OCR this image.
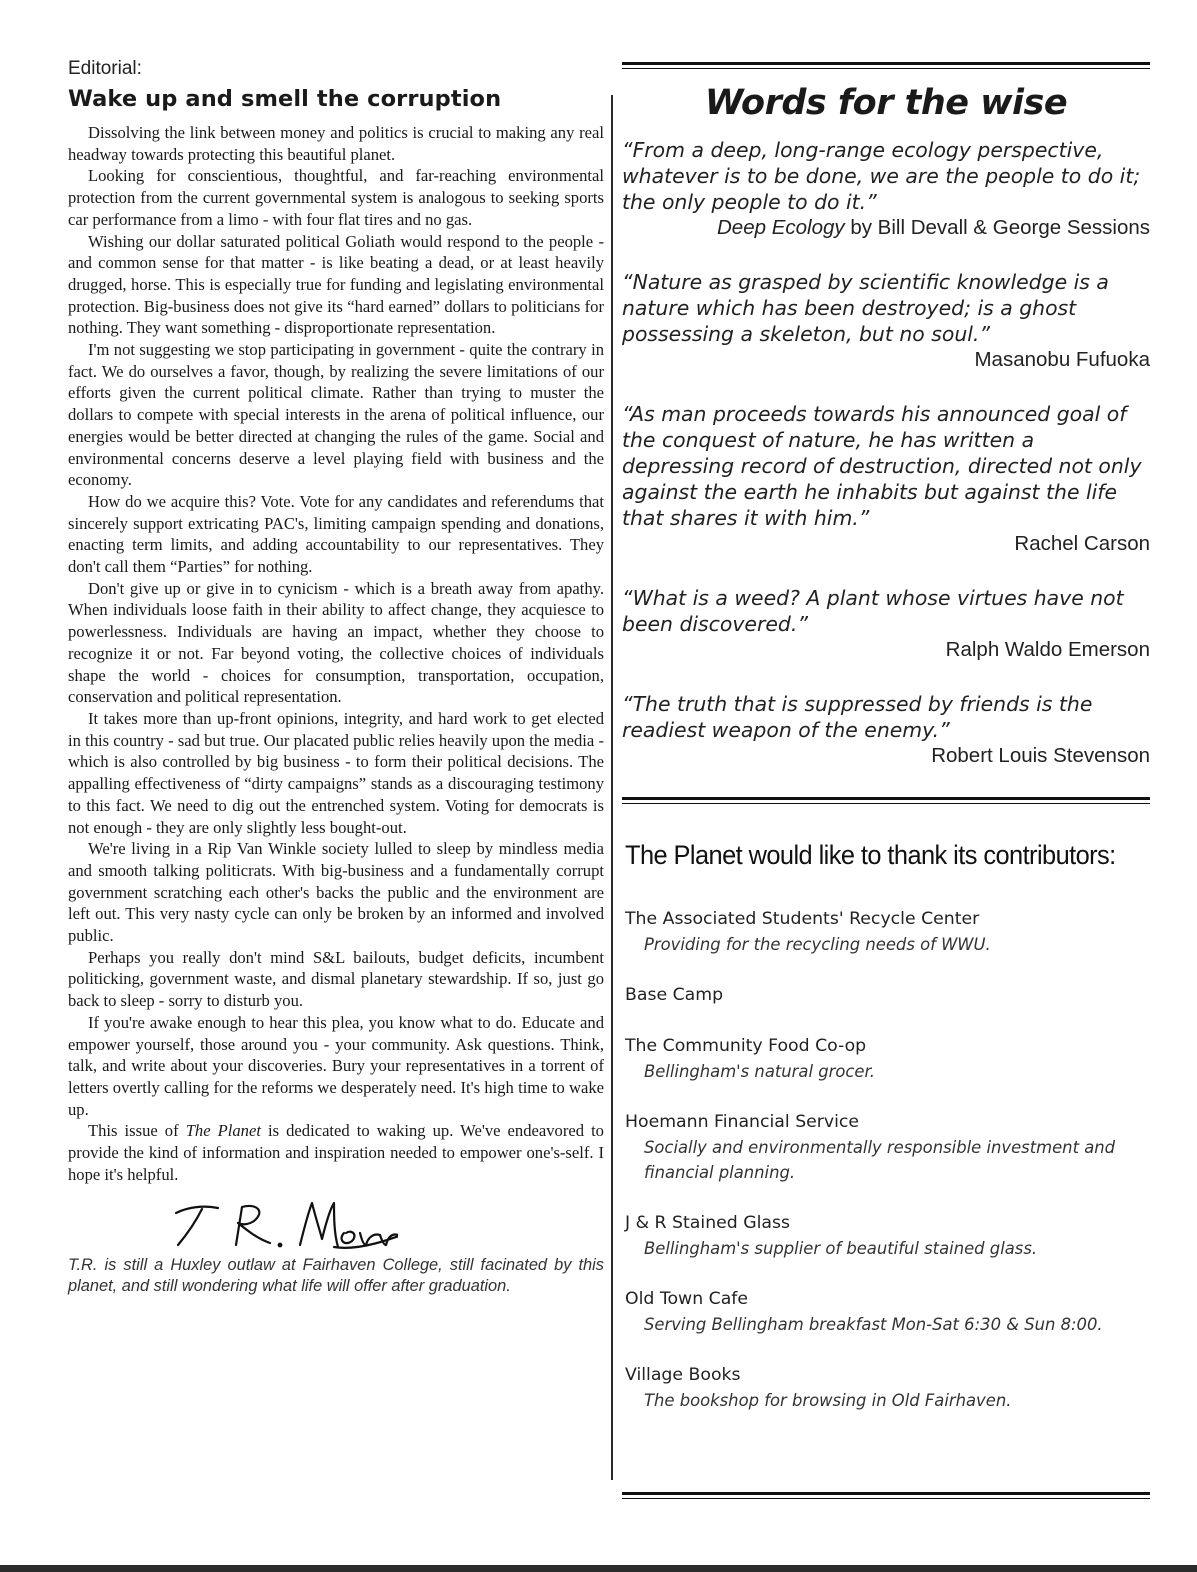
Editorial:
Wake up and smell the corruption

Dissolving the link between money and politics is crucial to making any real headway towards protecting this beautiful planet.

Looking for conscientious, thoughtful, and far-reaching environmental protection from the current governmental system is analogous to seeking sports car performance from a limo - with four flat tires and no gas.

Wishing our dollar saturated political Goliath would respond to the people - and common sense for that matter - is like beating a dead, or at least heavily drugged, horse. This is especially true for funding and legislating environmental protection. Big-business does not give its “hard earned” dollars to politicians for nothing. They want something - disproportionate representation.

I'm not suggesting we stop participating in government - quite the contrary in fact. We do ourselves a favor, though, by realizing the severe limitations of our efforts given the current political climate. Rather than trying to muster the dollars to compete with special interests in the arena of political influence, our energies would be better directed at changing the rules of the game. Social and environmental concerns deserve a level playing field with business and the economy.

How do we acquire this? Vote. Vote for any candidates and referendums that sincerely support extricating PAC's, limiting campaign spending and donations, enacting term limits, and adding accountability to our representatives. They don't call them “Parties” for nothing.

Don't give up or give in to cynicism - which is a breath away from apathy. When individuals loose faith in their ability to affect change, they acquiesce to powerlessness. Individuals are having an impact, whether they choose to recognize it or not. Far beyond voting, the collective choices of individuals shape the world - choices for consumption, transportation, occupation, conservation and political representation.

It takes more than up-front opinions, integrity, and hard work to get elected in this country - sad but true. Our placated public relies heavily upon the media - which is also controlled by big business - to form their political decisions. The appalling effectiveness of “dirty campaigns” stands as a discouraging testimony to this fact. We need to dig out the entrenched system. Voting for democrats is not enough - they are only slightly less bought-out.

We're living in a Rip Van Winkle society lulled to sleep by mindless media and smooth talking politicrats. With big-business and a fundamentally corrupt government scratching each other's backs the public and the environment are left out. This very nasty cycle can only be broken by an informed and involved public.

Perhaps you really don't mind S&L bailouts, budget deficits, incumbent politicking, government waste, and dismal planetary stewardship. If so, just go back to sleep - sorry to disturb you.

If you're awake enough to hear this plea, you know what to do. Educate and empower yourself, those around you - your community. Ask questions. Think, talk, and write about your discoveries. Bury your representatives in a torrent of letters overtly calling for the reforms we desperately need. It's high time to wake up.

This issue of The Planet is dedicated to waking up. We've endeavored to provide the kind of information and inspiration needed to empower one's-self. I hope it's helpful.

T.R. is still a Huxley outlaw at Fairhaven College, still facinated by this planet, and still wondering what life will offer after graduation.

Words for the wise

“From a deep, long-range ecology perspective, whatever is to be done, we are the people to do it; the only people to do it.”

Deep Ecology by Bill Devall & George Sessions

“Nature as grasped by scientific knowledge is a nature which has been destroyed; is a ghost possessing a skeleton, but no soul.”

Masanobu Fufuoka

“As man proceeds towards his announced goal of the conquest of nature, he has written a depressing record of destruction, directed not only against the earth he inhabits but against the life that shares it with him.”

Rachel Carson

“What is a weed? A plant whose virtues have not been discovered.”

Ralph Waldo Emerson

“The truth that is suppressed by friends is the readiest weapon of the enemy.”

Robert Louis Stevenson

The Planet would like to thank its contributors:

The Associated Students' Recycle Center

Providing for the recycling needs of WWU.

Base Camp

The Community Food Co-op

Bellingham's natural grocer.

Hoemann Financial Service

Socially and environmentally responsible investment and financial planning.

J & R Stained Glass

Bellingham's supplier of beautiful stained glass.

Old Town Cafe

Serving Bellingham breakfast Mon-Sat 6:30 & Sun 8:00.

Village Books

The bookshop for browsing in Old Fairhaven.
